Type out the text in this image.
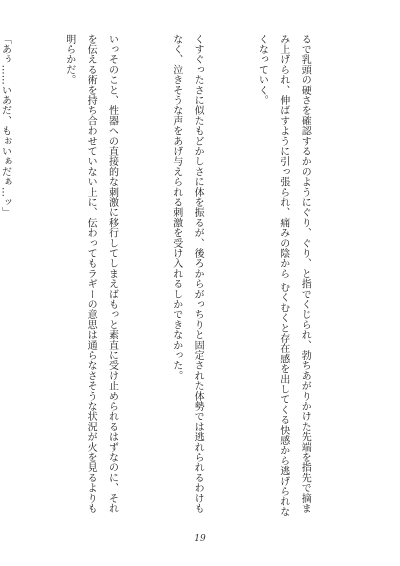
るで乳頭の硬さを確認するかのようにぐり、ぐり、と指でくじられ、勃ちあがりかけた先端を指先で摘まみ上げられ、伸ばすように引っ張られ、痛みの陰から むくむくと存在感を出してくる快感から逃げられなくなっていく。

くすぐったさに似たもどかしさに体を振るが、後ろからがっちりと固定された体勢では逃れられるわけもなく、泣きそうな声をあげ与えられる刺激を受け入れるしかできなかった。

いっそのこと、性器への直接的な刺激に移行してしまえばもっと素直に受け止められるはずなのに、それを伝える術を持ち合わせていない上に、伝わってもラギーの意思は通らなさそうな状況が火を見るよりも明らかだ。

「あぅ……いあだ、もぉいぁだぁ…ッ」

19
